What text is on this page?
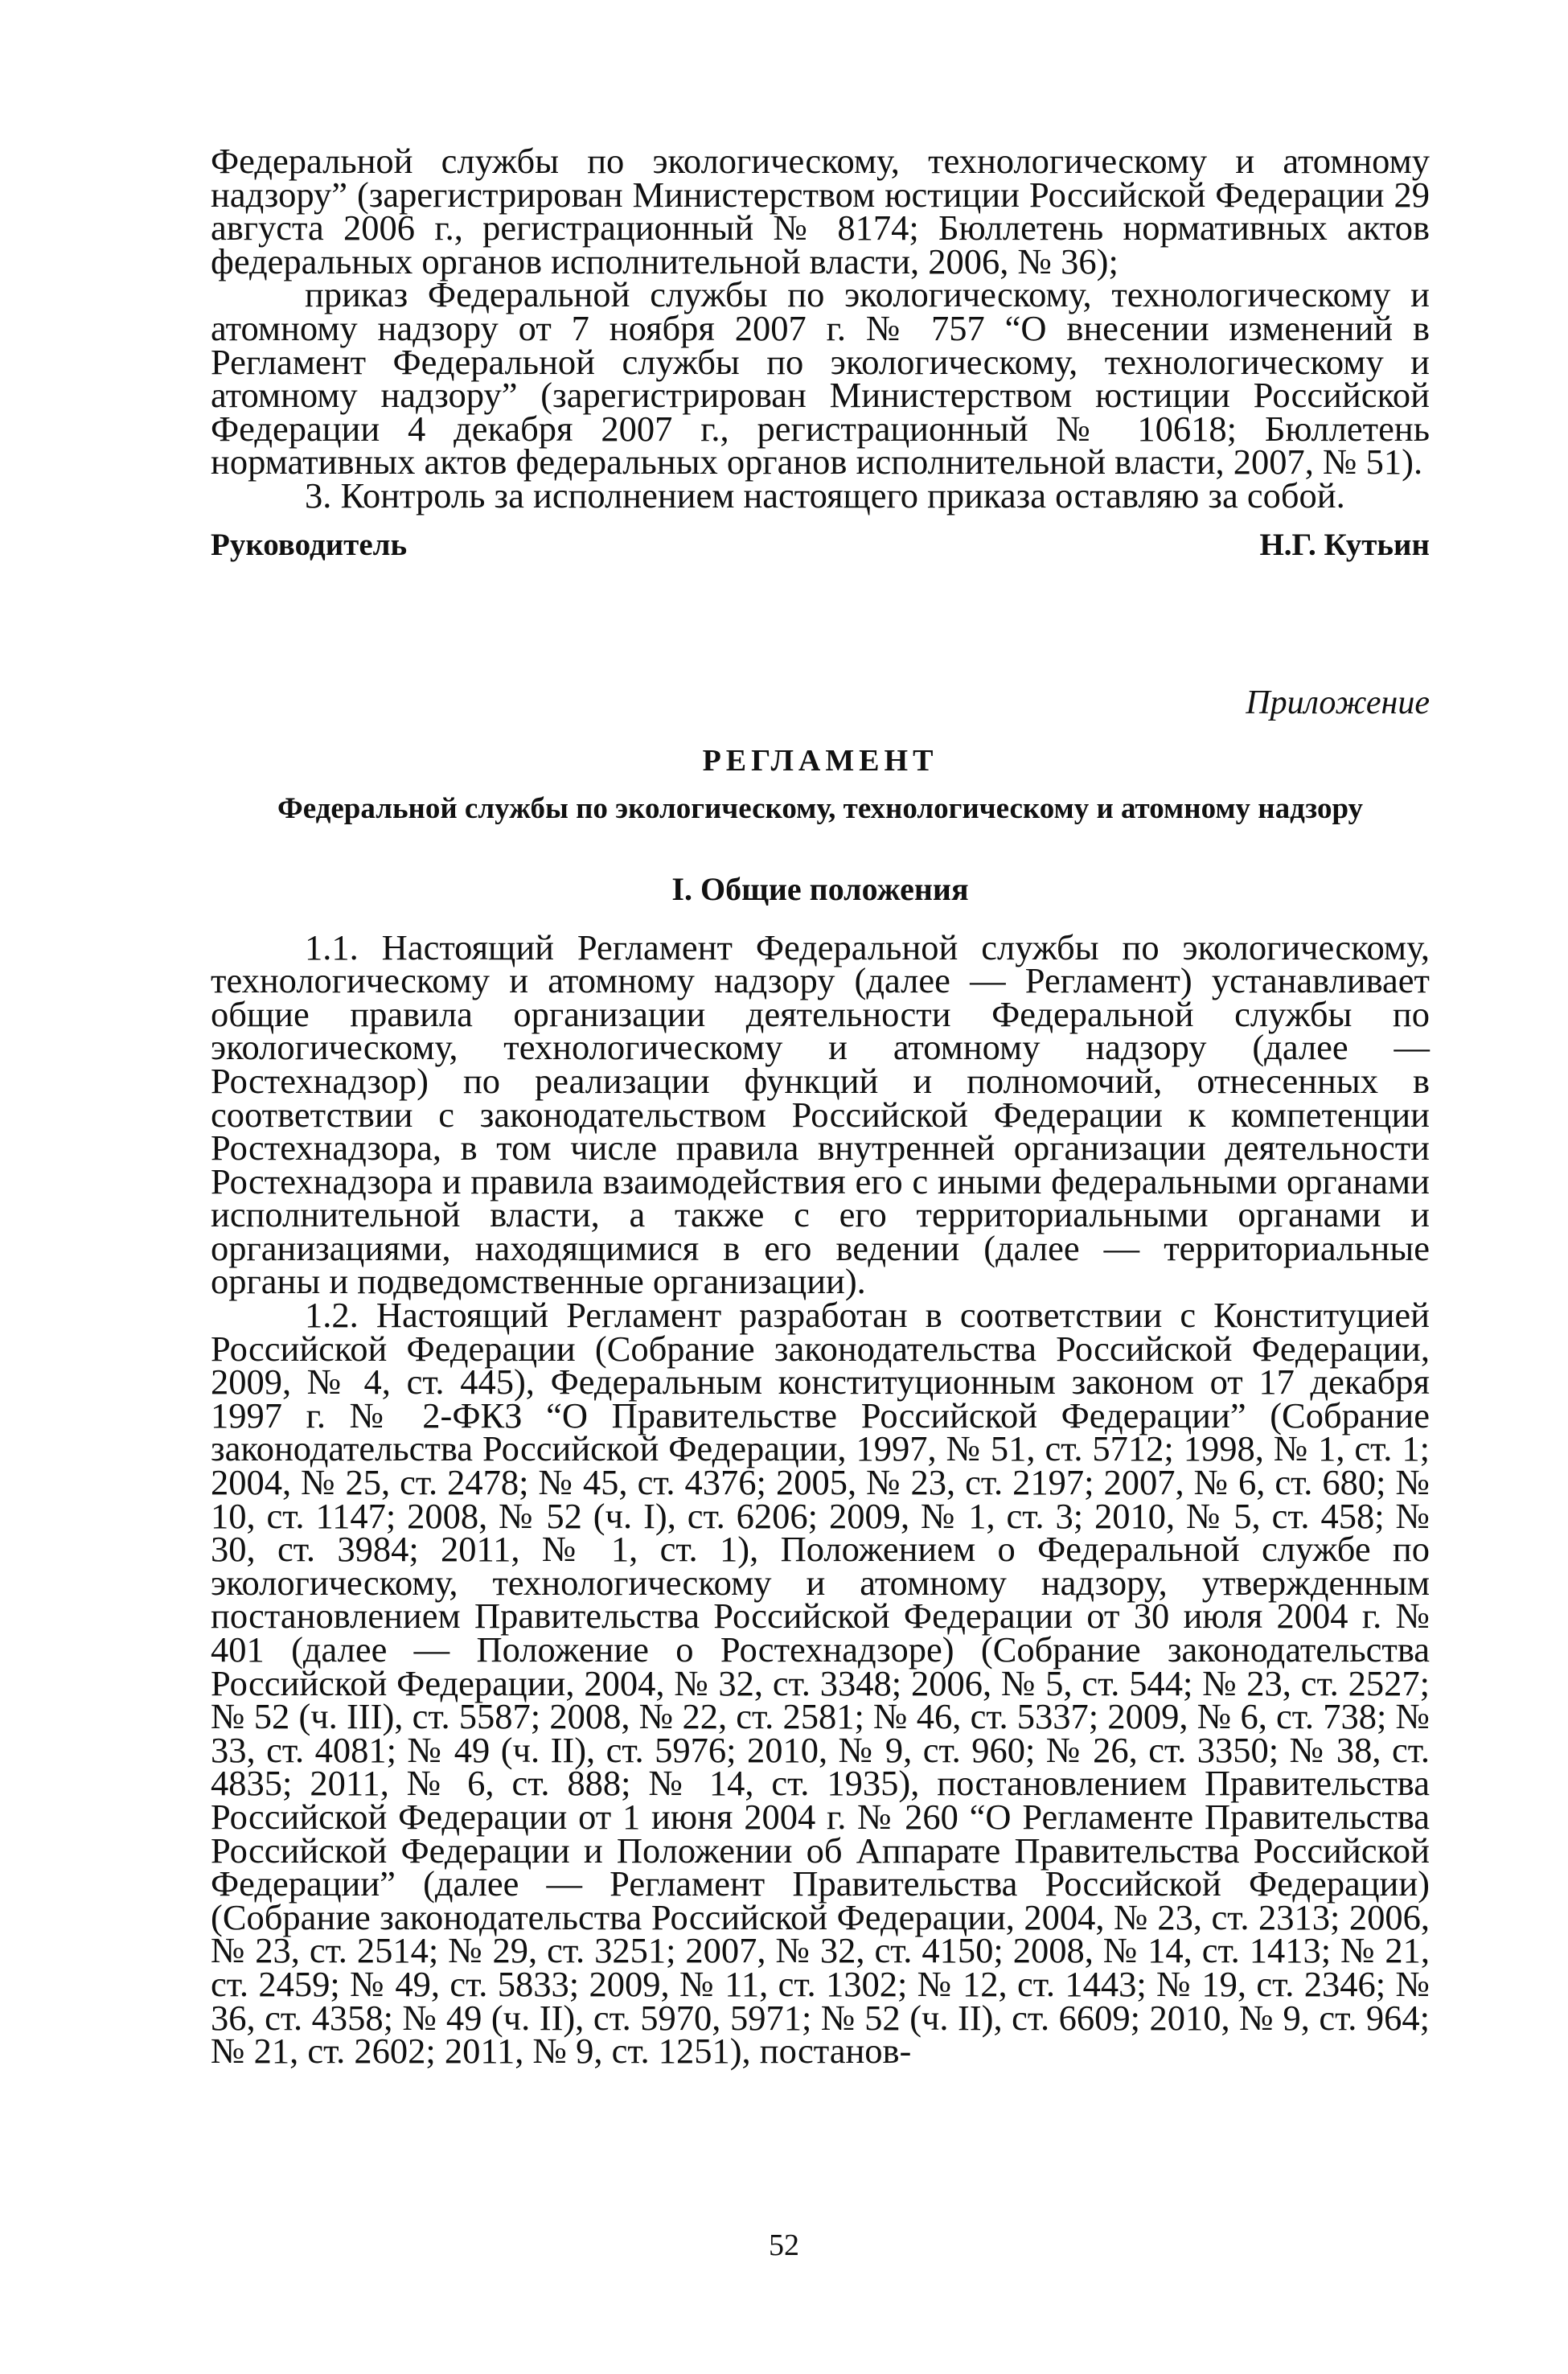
Федеральной службы по экологическому, технологическому и атомному надзору” (зарегистрирован Министерством юстиции Российской Федерации 29 августа 2006 г., регистрационный № 8174; Бюллетень нормативных актов федеральных органов исполнительной власти, 2006, № 36);

приказ Федеральной службы по экологическому, технологическому и атомному надзору от 7 ноября 2007 г. № 757 “О внесении изменений в Регламент Федеральной службы по экологическому, технологическому и атомному надзору” (зарегистрирован Министерством юстиции Российской Федерации 4 декабря 2007 г., регистрационный № 10618; Бюллетень нормативных актов федеральных органов исполнительной власти, 2007, № 51).

3. Контроль за исполнением настоящего приказа оставляю за собой.

Руководитель	Н.Г. Кутьин
Приложение
РЕГЛАМЕНТ
Федеральной службы по экологическому, технологическому и атомному надзору
I. Общие положения

1.1. Настоящий Регламент Федеральной службы по экологическому, технологическому и атомному надзору (далее — Регламент) устанавливает общие правила организации деятельности Федеральной службы по экологическому, технологическому и атомному надзору (далее — Ростехнадзор) по реализации функций и полномочий, отнесенных в соответствии с законодательством Российской Федерации к компетенции Ростехнадзора, в том числе правила внутренней организации деятельности Ростехнадзора и правила взаимодействия его с иными федеральными органами исполнительной власти, а также с его территориальными органами и организациями, находящимися в его ведении (далее — территориальные органы и подведомственные организации).

1.2. Настоящий Регламент разработан в соответствии с Конституцией Российской Федерации (Собрание законодательства Российской Федерации, 2009, № 4, ст. 445), Федеральным конституционным законом от 17 декабря 1997 г. № 2-ФКЗ “О Правительстве Российской Федерации” (Собрание законодательства Российской Федерации, 1997, № 51, ст. 5712; 1998, № 1, ст. 1; 2004, № 25, ст. 2478; № 45, ст. 4376; 2005, № 23, ст. 2197; 2007, № 6, ст. 680; № 10, ст. 1147; 2008, № 52 (ч. I), ст. 6206; 2009, № 1, ст. 3; 2010, № 5, ст. 458; № 30, ст. 3984; 2011, № 1, ст. 1), Положением о Федеральной службе по экологическому, технологическому и атомному надзору, утвержденным постановлением Правительства Российской Федерации от 30 июля 2004 г. № 401 (далее — Положение о Ростехнадзоре) (Собрание законодательства Российской Федерации, 2004, № 32, ст. 3348; 2006, № 5, ст. 544; № 23, ст. 2527; № 52 (ч. III), ст. 5587; 2008, № 22, ст. 2581; № 46, ст. 5337; 2009, № 6, ст. 738; № 33, ст. 4081; № 49 (ч. II), ст. 5976; 2010, № 9, ст. 960; № 26, ст. 3350; № 38, ст. 4835; 2011, № 6, ст. 888; № 14, ст. 1935), постановлением Правительства Российской Федерации от 1 июня 2004 г. № 260 “О Регламенте Правительства Российской Федерации и Положении об Аппарате Правительства Российской Федерации” (далее — Регламент Правительства Российской Федерации) (Собрание законодательства Российской Федерации, 2004, № 23, ст. 2313; 2006, № 23, ст. 2514; № 29, ст. 3251; 2007, № 32, ст. 4150; 2008, № 14, ст. 1413; № 21, ст. 2459; № 49, ст. 5833; 2009, № 11, ст. 1302; № 12, ст. 1443; № 19, ст. 2346; № 36, ст. 4358; № 49 (ч. II), ст. 5970, 5971; № 52 (ч. II), ст. 6609; 2010, № 9, ст. 964; № 21, ст. 2602; 2011, № 9, ст. 1251), постанов-

52
